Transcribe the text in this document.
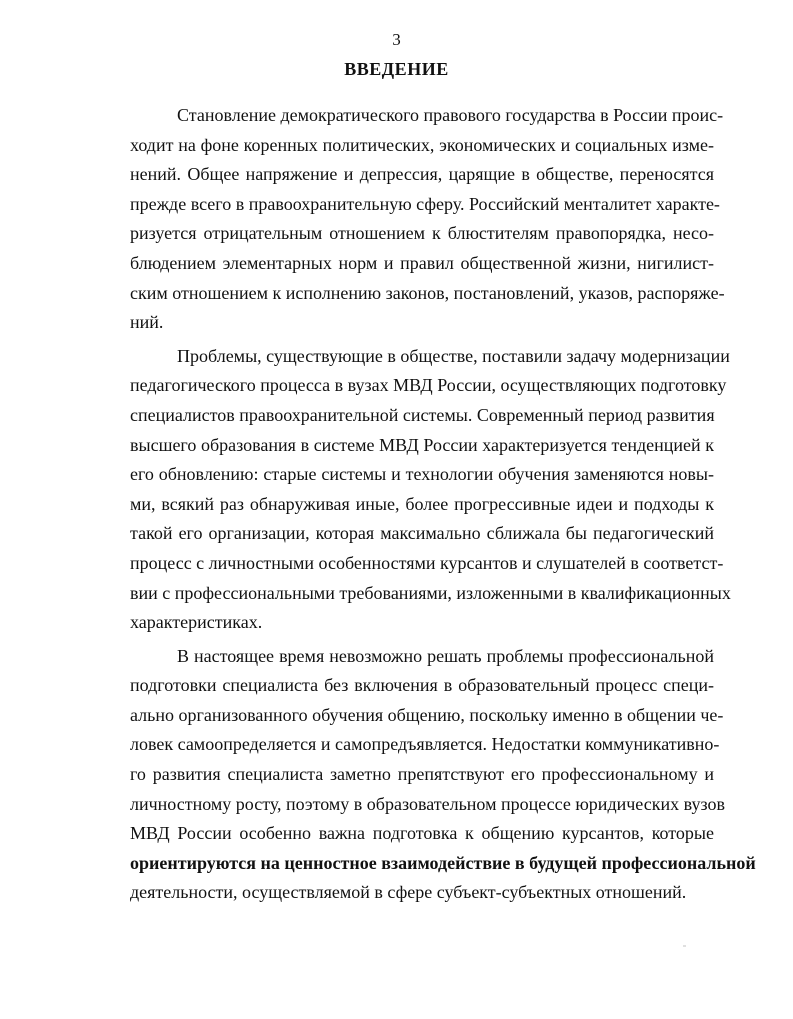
3
ВВЕДЕНИЕ
Становление демократического правового государства в России проис-
ходит на фоне коренных политических, экономических и социальных изме-
нений. Общее напряжение и депрессия, царящие в обществе, переносятся
прежде всего в правоохранительную сферу. Российский менталитет характе-
ризуется отрицательным отношением к блюстителям правопорядка, несо-
блюдением элементарных норм и правил общественной жизни, нигилист-
ским отношением к исполнению законов, постановлений, указов, распоряже-
ний.
Проблемы, существующие в обществе, поставили задачу модернизации
педагогического процесса в вузах МВД России, осуществляющих подготовку
специалистов правоохранительной системы. Современный период развития
высшего образования в системе МВД России характеризуется тенденцией к
его обновлению: старые системы и технологии обучения заменяются новы-
ми, всякий раз обнаруживая иные, более прогрессивные идеи и подходы к
такой его организации, которая максимально сближала бы педагогический
процесс с личностными особенностями курсантов и слушателей в соответст-
вии с профессиональными требованиями, изложенными в квалификационных
характеристиках.
В настоящее время невозможно решать проблемы профессиональной
подготовки специалиста без включения в образовательный процесс специ-
ально организованного обучения общению, поскольку именно в общении че-
ловек самоопределяется и самопредъявляется. Недостатки коммуникативно-
го развития специалиста заметно препятствуют его профессиональному и
личностному росту, поэтому в образовательном процессе юридических вузов
МВД России особенно важна подготовка к общению курсантов, которые
ориентируются на ценностное взаимодействие в будущей профессиональной
деятельности, осуществляемой в сфере субъект-субъектных отношений.
